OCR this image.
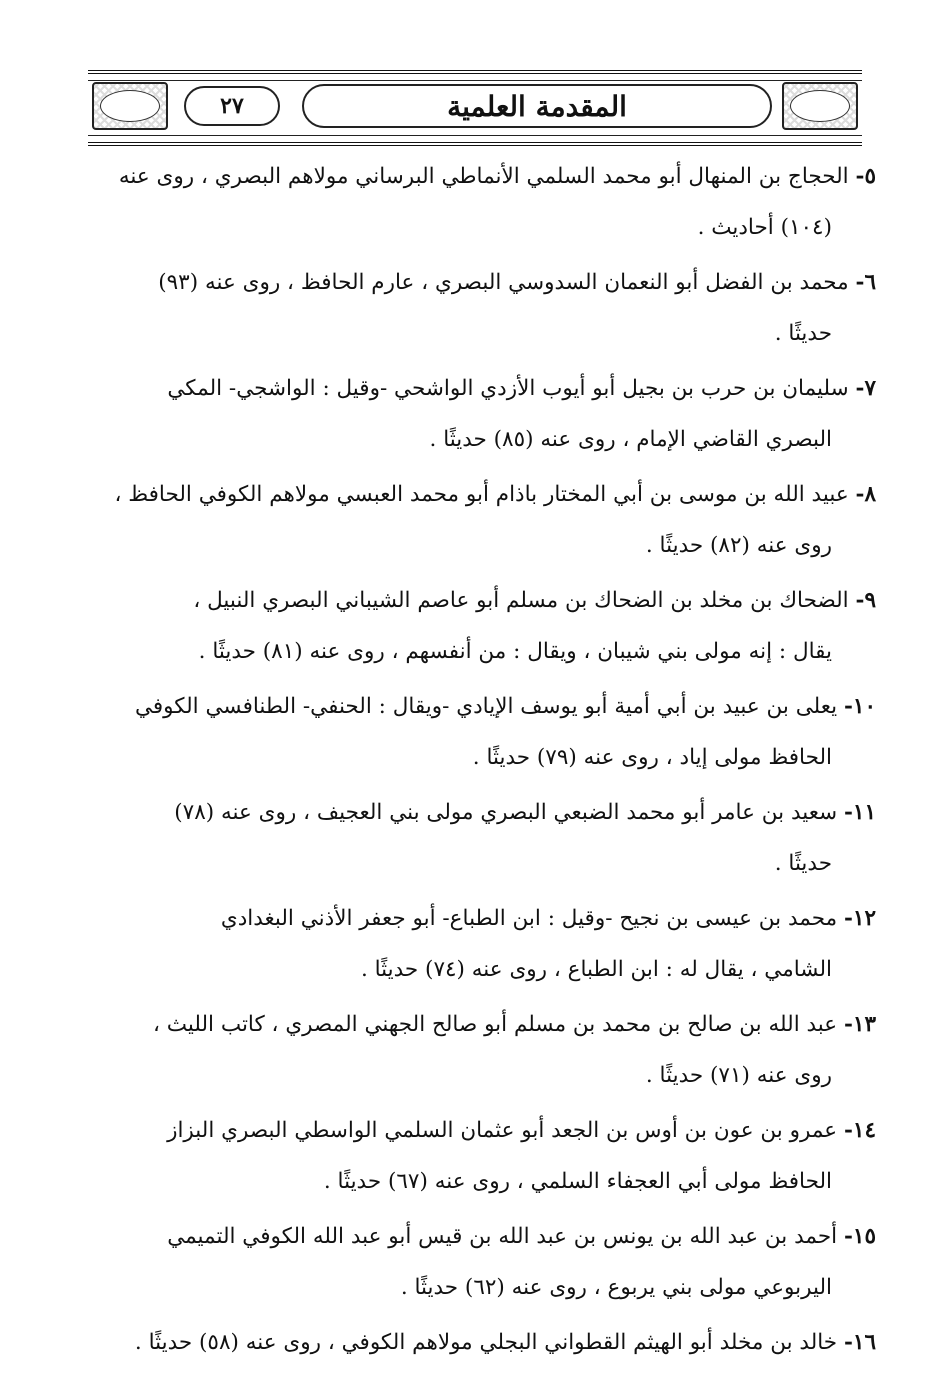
٢٧	المقدمة العلمية
٥- الحجاج بن المنهال أبو محمد السلمي الأنماطي البرساني مولاهم البصري ، روى عنه
(١٠٤) أحاديث .
٦- محمد بن الفضل أبو النعمان السدوسي البصري ، عارم الحافظ ، روى عنه (٩٣)
حديثًا .
٧- سليمان بن حرب بن بجيل أبو أيوب الأزدي الواشحي -وقيل : الواشجي- المكي
البصري القاضي الإمام ، روى عنه (٨٥) حديثًا .
٨- عبيد الله بن موسى بن أبي المختار باذام أبو محمد العبسي مولاهم الكوفي الحافظ ،
روى عنه (٨٢) حديثًا .
٩- الضحاك بن مخلد بن الضحاك بن مسلم أبو عاصم الشيباني البصري النبيل ،
يقال : إنه مولى بني شيبان ، ويقال : من أنفسهم ، روى عنه (٨١) حديثًا .
١٠- يعلى بن عبيد بن أبي أمية أبو يوسف الإيادي -ويقال : الحنفي- الطنافسي الكوفي
الحافظ مولى إياد ، روى عنه (٧٩) حديثًا .
١١- سعيد بن عامر أبو محمد الضبعي البصري مولى بني العجيف ، روى عنه (٧٨)
حديثًا .
١٢- محمد بن عيسى بن نجيح -وقيل : ابن الطباع- أبو جعفر الأذني البغدادي
الشامي ، يقال له : ابن الطباع ، روى عنه (٧٤) حديثًا .
١٣- عبد الله بن صالح بن محمد بن مسلم أبو صالح الجهني المصري ، كاتب الليث ،
روى عنه (٧١) حديثًا .
١٤- عمرو بن عون بن أوس بن الجعد أبو عثمان السلمي الواسطي البصري البزاز
الحافظ مولى أبي العجفاء السلمي ، روى عنه (٦٧) حديثًا .
١٥- أحمد بن عبد الله بن يونس بن عبد الله بن قيس أبو عبد الله الكوفي التميمي
اليربوعي مولى بني يربوع ، روى عنه (٦٢) حديثًا .
١٦- خالد بن مخلد أبو الهيثم القطواني البجلي مولاهم الكوفي ، روى عنه (٥٨) حديثًا .
